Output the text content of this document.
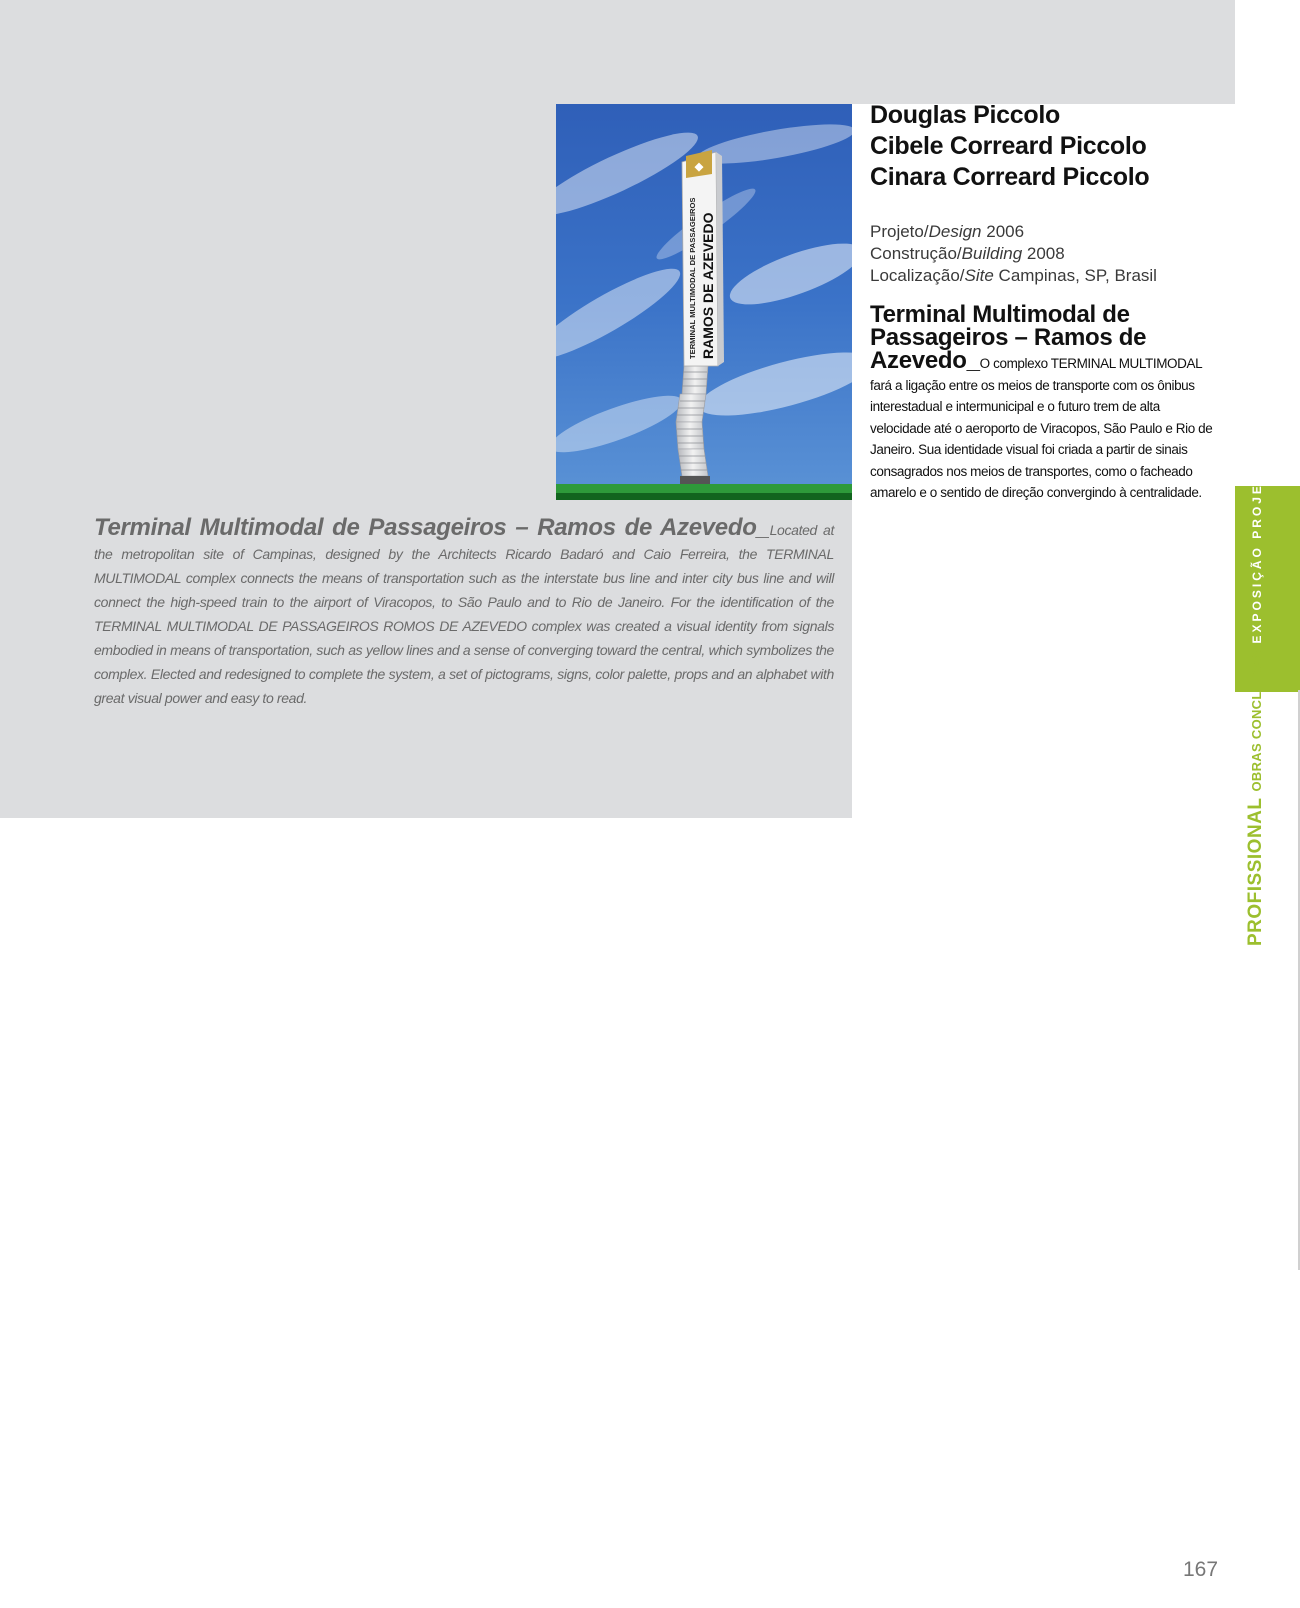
◆
TERMINAL MULTIMODAL DE PASSAGEIROS RAMOS DE AZEVEDO
Douglas Piccolo
Cibele Correard Piccolo
Cinara Correard Piccolo
Projeto/Design 2006
Construção/Building 2008
Localização/Site Campinas, SP, Brasil
Terminal Multimodal de Passageiros – Ramos de Azevedo_O complexo TERMINAL MULTIMODAL fará a ligação entre os meios de transporte com os ônibus interestadual e intermunicipal e o futuro trem de alta velocidade até o aeroporto de Viracopos, São Paulo e Rio de Janeiro. Sua identidade visual foi criada a partir de sinais consagrados nos meios de transportes, como o facheado amarelo e o sentido de direção convergindo à centralidade.
Terminal Multimodal de Passageiros – Ramos de Azevedo_Located at the metropolitan site of Campinas, designed by the Architects Ricardo Badaró and Caio Ferreira, the TERMINAL MULTIMODAL complex connects the means of transportation such as the interstate bus line and inter city bus line and will connect the high-speed train to the airport of Viracopos, to São Paulo and to Rio de Janeiro. For the identification of the TERMINAL MULTIMODAL DE PASSAGEIROS ROMOS DE AZEVEDO complex was created a visual identity from signals embodied in means of transportation, such as yellow lines and a sense of converging toward the central, which symbolizes the complex. Elected and redesigned to complete the system, a set of pictograms, signs, color palette, props and an alphabet with great visual power and easy to read.
PROFISSIONALOBRAS CONCLUÍDASEXPOSIÇÃO PROJETOS
167
